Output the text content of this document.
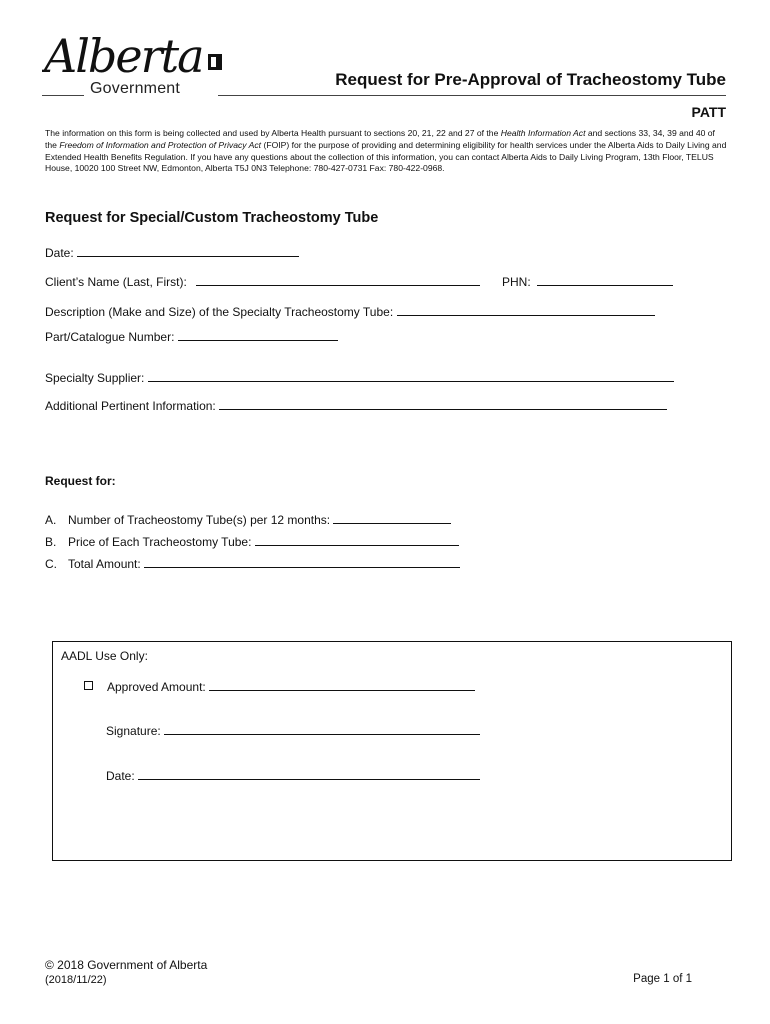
Alberta
Government	Request for Pre-Approval of Tracheostomy Tube
PATT
The information on this form is being collected and used by Alberta Health pursuant to sections 20, 21, 22 and 27 of the Health Information Act and sections 33, 34, 39 and 40 of the Freedom of Information and Protection of Privacy Act (FOIP) for the purpose of providing and determining eligibility for health services under the Alberta Aids to Daily Living and Extended Health Benefits Regulation. If you have any questions about the collection of this information, you can contact Alberta Aids to Daily Living Program, 13th Floor, TELUS House, 10020 100 Street NW, Edmonton, Alberta T5J 0N3 Telephone: 780-427-0731 Fax: 780-422-0968.
Request for Special/Custom Tracheostomy Tube
Date:
Client’s Name (Last, First):	PHN:
Description (Make and Size) of the Specialty Tracheostomy Tube:
Part/Catalogue Number:
Specialty Supplier:
Additional Pertinent Information:
Request for:
A. Number of Tracheostomy Tube(s) per 12 months:
B. Price of Each Tracheostomy Tube:
C. Total Amount:
AADL Use Only:
Approved Amount:
Signature:
Date:
© 2018 Government of Alberta
(2018/11/22)	Page 1 of 1
